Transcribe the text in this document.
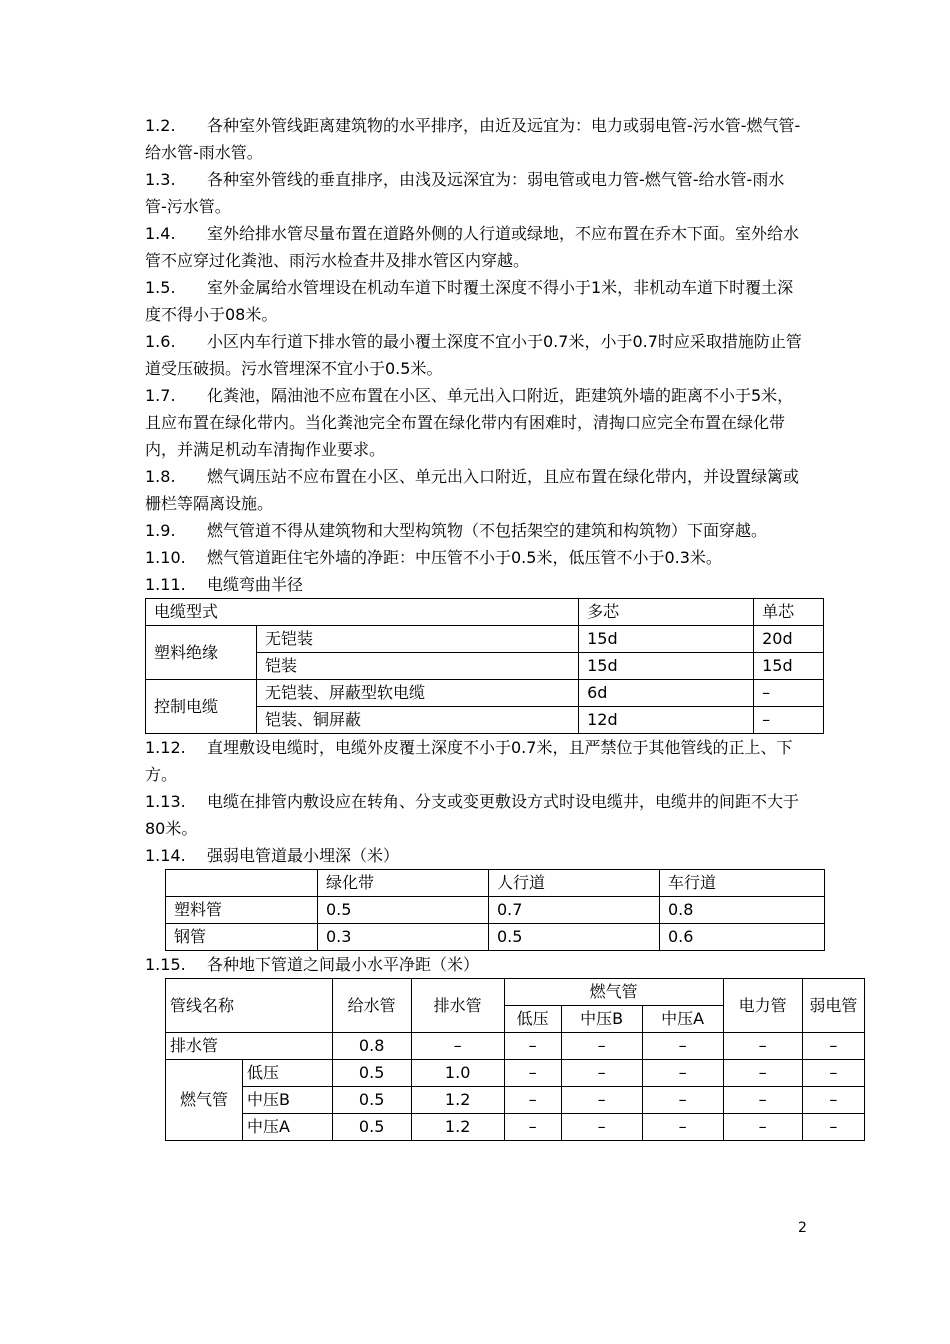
1.2. 各种室外管线距离建筑物的水平排序，由近及远宜为：电力或弱电管-污水管-燃气管-给水管-雨水管。

1.3. 各种室外管线的垂直排序，由浅及远深宜为：弱电管或电力管-燃气管-给水管-雨水管-污水管。

1.4. 室外给排水管尽量布置在道路外侧的人行道或绿地，不应布置在乔木下面。室外给水管不应穿过化粪池、雨污水检查井及排水管区内穿越。

1.5. 室外金属给水管埋设在机动车道下时覆土深度不得小于1米，非机动车道下时覆土深度不得小于08米。

1.6. 小区内车行道下排水管的最小覆土深度不宜小于0.7米，小于0.7时应采取措施防止管道受压破损。污水管埋深不宜小于0.5米。

1.7. 化粪池，隔油池不应布置在小区、单元出入口附近，距建筑外墙的距离不小于5米，且应布置在绿化带内。当化粪池完全布置在绿化带内有困难时，清掏口应完全布置在绿化带内，并满足机动车清掏作业要求。

1.8. 燃气调压站不应布置在小区、单元出入口附近，且应布置在绿化带内，并设置绿篱或栅栏等隔离设施。

1.9. 燃气管道不得从建筑物和大型构筑物（不包括架空的建筑和构筑物）下面穿越。

1.10. 燃气管道距住宅外墙的净距：中压管不小于0.5米，低压管不小于0.3米。

1.11. 电缆弯曲半径

电缆型式		多芯	单芯
塑料绝缘	无铠装	15d	20d
	铠装	15d	15d
控制电缆	无铠装、屏蔽型软电缆	6d	–
	铠装、铜屏蔽	12d	–

1.12. 直埋敷设电缆时，电缆外皮覆土深度不小于0.7米，且严禁位于其他管线的正上、下方。

1.13. 电缆在排管内敷设应在转角、分支或变更敷设方式时设电缆井，电缆井的间距不大于80米。

1.14. 强弱电管道最小埋深（米）

	绿化带	人行道	车行道
塑料管	0.5	0.7	0.8
钢管	0.3	0.5	0.6

1.15. 各种地下管道之间最小水平净距（米）

管线名称		给水管	排水管	燃气管			电力管	弱电管
				低压	中压B	中压A		
排水管		0.8	–	–	–	–	–	–
燃气管	低压	0.5	1.0	–	–	–	–	–
	中压B	0.5	1.2	–	–	–	–	–
	中压A	0.5	1.2	–	–	–	–	–
2
